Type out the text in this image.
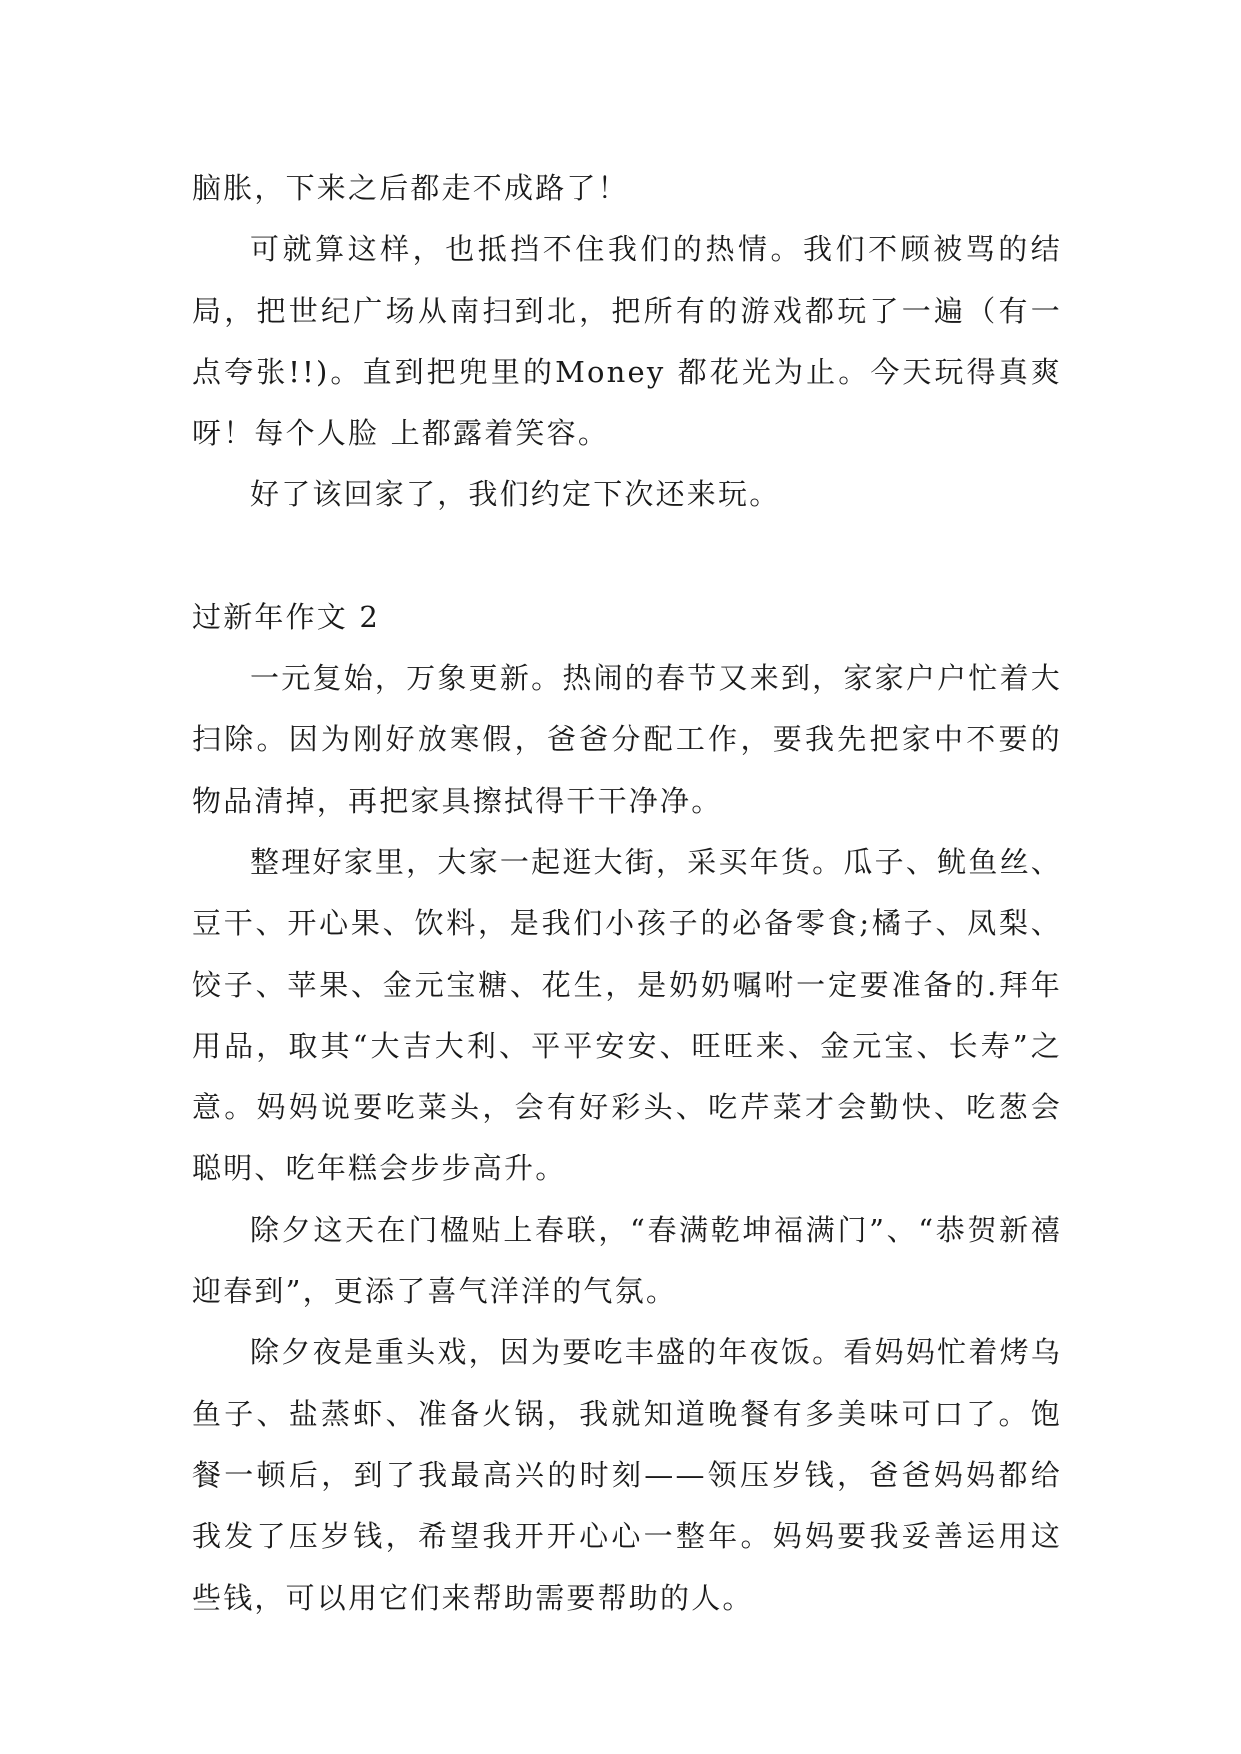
脑胀，下来之后都走不成路了！

可就算这样，也抵挡不住我们的热情。我们不顾被骂的结局，把世纪广场从南扫到北，把所有的游戏都玩了一遍（有一点夸张!!)。直到把兜里的Money 都花光为止。今天玩得真爽呀！每个人脸 上都露着笑容。

好了该回家了，我们约定下次还来玩。

过新年作文 2

一元复始，万象更新。热闹的春节又来到，家家户户忙着大扫除。因为刚好放寒假，爸爸分配工作，要我先把家中不要的物品清掉，再把家具擦拭得干干净净。

整理好家里，大家一起逛大街，采买年货。瓜子、鱿鱼丝、豆干、开心果、饮料，是我们小孩子的必备零食;橘子、凤梨、饺子、苹果、金元宝糖、花生，是奶奶嘱咐一定要准备的.拜年用品，取其“大吉大利、平平安安、旺旺来、金元宝、长寿”之意。妈妈说要吃菜头，会有好彩头、吃芹菜才会勤快、吃葱会聪明、吃年糕会步步高升。

除夕这天在门楹贴上春联，“春满乾坤福满门”、“恭贺新禧迎春到”，更添了喜气洋洋的气氛。

除夕夜是重头戏，因为要吃丰盛的年夜饭。看妈妈忙着烤乌鱼子、盐蒸虾、准备火锅，我就知道晚餐有多美味可口了。饱餐一顿后，到了我最高兴的时刻——领压岁钱，爸爸妈妈都给我发了压岁钱，希望我开开心心一整年。妈妈要我妥善运用这些钱，可以用它们来帮助需要帮助的人。
